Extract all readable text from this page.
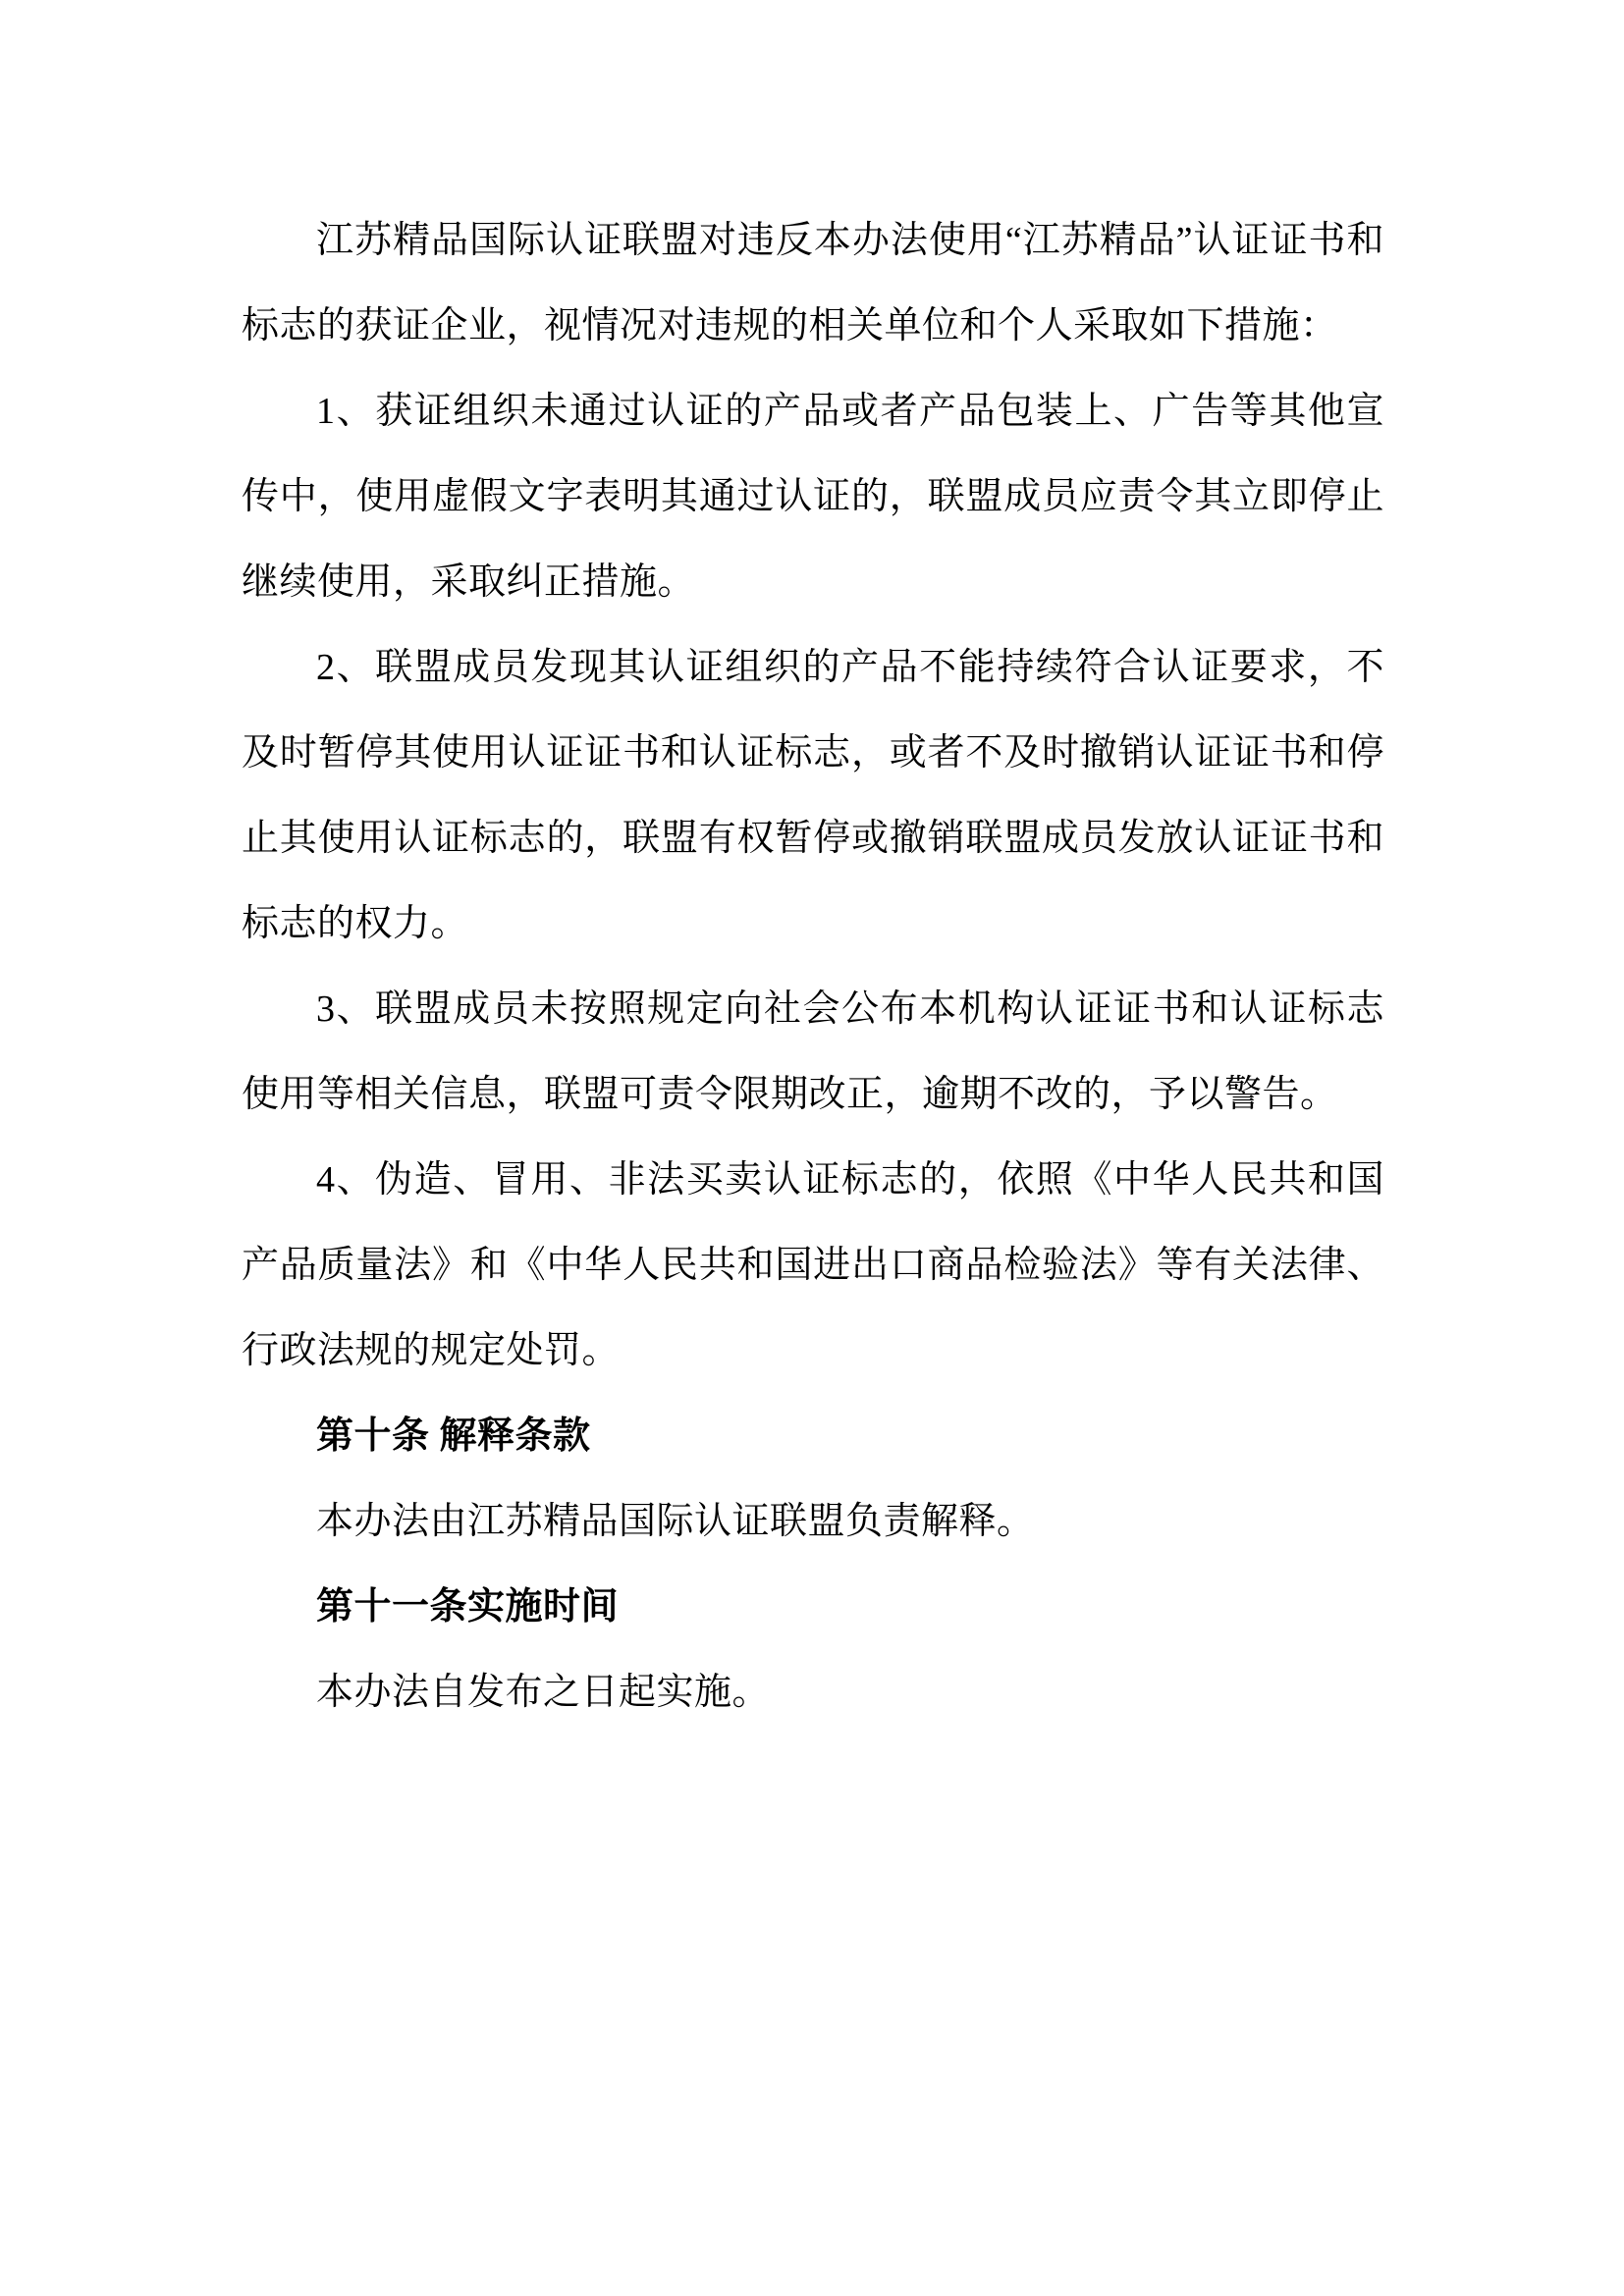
江苏精品国际认证联盟对违反本办法使用“江苏精品”认证证书和标志的获证企业，视情况对违规的相关单位和个人采取如下措施：

1、获证组织未通过认证的产品或者产品包装上、广告等其他宣传中，使用虚假文字表明其通过认证的，联盟成员应责令其立即停止继续使用，采取纠正措施。

2、联盟成员发现其认证组织的产品不能持续符合认证要求，不及时暂停其使用认证证书和认证标志，或者不及时撤销认证证书和停止其使用认证标志的，联盟有权暂停或撤销联盟成员发放认证证书和标志的权力。

3、联盟成员未按照规定向社会公布本机构认证证书和认证标志使用等相关信息，联盟可责令限期改正，逾期不改的，予以警告。

4、伪造、冒用、非法买卖认证标志的，依照《中华人民共和国产品质量法》和《中华人民共和国进出口商品检验法》等有关法律、行政法规的规定处罚。

第十条 解释条款

本办法由江苏精品国际认证联盟负责解释。

第十一条实施时间

本办法自发布之日起实施。
